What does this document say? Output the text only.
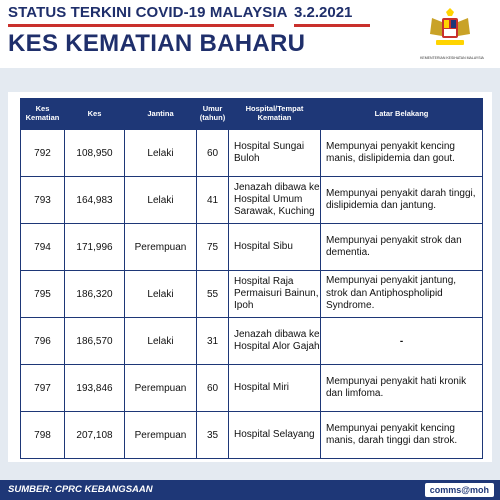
STATUS TERKINI COVID-19 MALAYSIA 3.2.2021
KES KEMATIAN BAHARU
KEMENTERIAN KESIHATAN MALAYSIA
Kes Kematian	Kes	Jantina	Umur (tahun)	Hospital/Tempat Kematian	Latar Belakang
792	108,950	Lelaki	60	Hospital Sungai Buloh	Mempunyai penyakit kencing manis, dislipidemia dan gout.
793	164,983	Lelaki	41	Jenazah dibawa ke Hospital Umum Sarawak, Kuching	Mempunyai penyakit darah tinggi, dislipidemia dan jantung.
794	171,996	Perempuan	75	Hospital Sibu	Mempunyai penyakit strok dan dementia.
795	186,320	Lelaki	55	Hospital Raja Permaisuri Bainun, Ipoh	Mempunyai penyakit jantung, strok dan Antiphospholipid Syndrome.
796	186,570	Lelaki	31	Jenazah dibawa ke Hospital Alor Gajah	-
797	193,846	Perempuan	60	Hospital Miri	Mempunyai penyakit hati kronik dan limfoma.
798	207,108	Perempuan	35	Hospital Selayang	Mempunyai penyakit kencing manis, darah tinggi dan strok.
SUMBER: CPRC KEBANGSAAN	comms@moh
